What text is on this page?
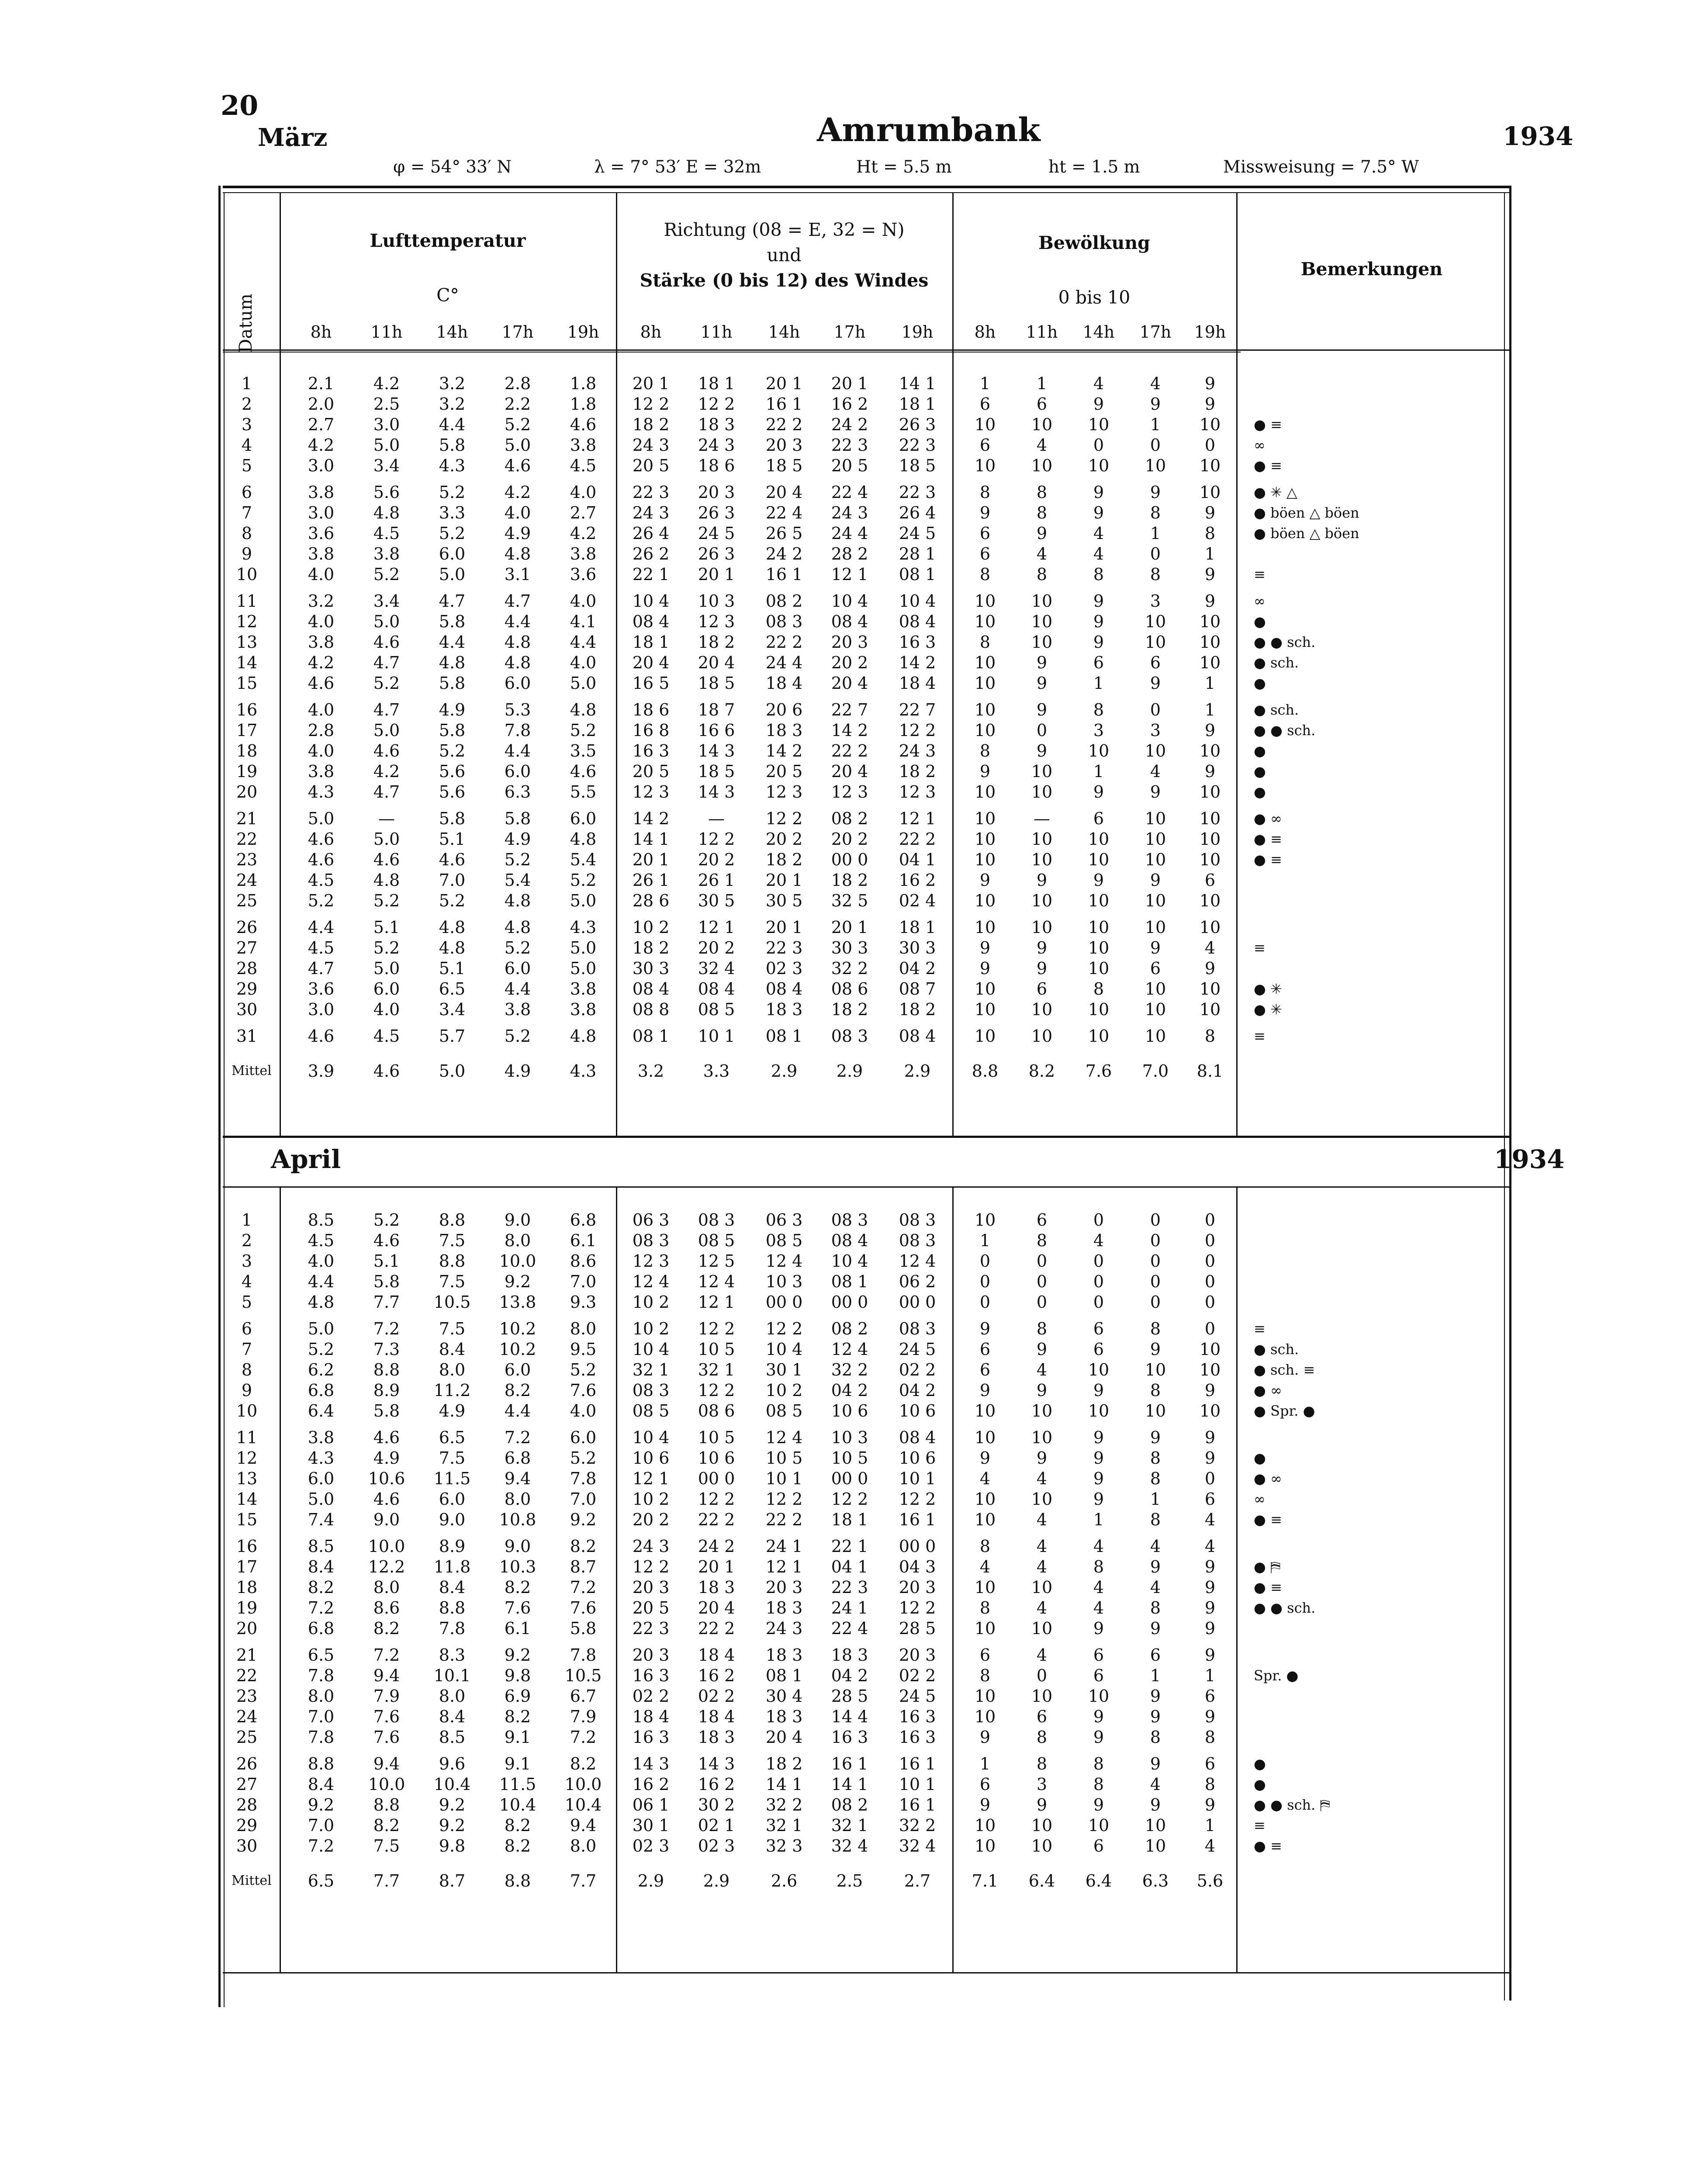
20
März	Amrumbank	1934
φ = 54° 33′ N	λ = 7° 53′ E = 32m	Ht = 5.5 m	ht = 1.5 m	Missweisung = 7.5° W
Datum
Lufttemperatur
C°
Richtung (08 = E, 32 = N)
und
Stärke (0 bis 12) des Windes
Bewölkung
0 bis 10
Bemerkungen
8h	11h	14h	17h	19h	8h	11h	14h	17h	19h	8h	11h	14h	17h	19h
April	1934
1	2.1	4.2	3.2	2.8	1.8	20 1	18 1	20 1	20 1	14 1	1	1	4	4	9
2	2.0	2.5	3.2	2.2	1.8	12 2	12 2	16 1	16 2	18 1	6	6	9	9	9
3	2.7	3.0	4.4	5.2	4.6	18 2	18 3	22 2	24 2	26 3	10	10	10	1	10	● ≡
4	4.2	5.0	5.8	5.0	3.8	24 3	24 3	20 3	22 3	22 3	6	4	0	0	0	∞
5	3.0	3.4	4.3	4.6	4.5	20 5	18 6	18 5	20 5	18 5	10	10	10	10	10	● ≡
6	3.8	5.6	5.2	4.2	4.0	22 3	20 3	20 4	22 4	22 3	8	8	9	9	10	● ✳ △
7	3.0	4.8	3.3	4.0	2.7	24 3	26 3	22 4	24 3	26 4	9	8	9	8	9	● böen △ böen
8	3.6	4.5	5.2	4.9	4.2	26 4	24 5	26 5	24 4	24 5	6	9	4	1	8	● böen △ böen
9	3.8	3.8	6.0	4.8	3.8	26 2	26 3	24 2	28 2	28 1	6	4	4	0	1
10	4.0	5.2	5.0	3.1	3.6	22 1	20 1	16 1	12 1	08 1	8	8	8	8	9	≡
11	3.2	3.4	4.7	4.7	4.0	10 4	10 3	08 2	10 4	10 4	10	10	9	3	9	∞
12	4.0	5.0	5.8	4.4	4.1	08 4	12 3	08 3	08 4	08 4	10	10	9	10	10	●
13	3.8	4.6	4.4	4.8	4.4	18 1	18 2	22 2	20 3	16 3	8	10	9	10	10	● ● sch.
14	4.2	4.7	4.8	4.8	4.0	20 4	20 4	24 4	20 2	14 2	10	9	6	6	10	● sch.
15	4.6	5.2	5.8	6.0	5.0	16 5	18 5	18 4	20 4	18 4	10	9	1	9	1	●
16	4.0	4.7	4.9	5.3	4.8	18 6	18 7	20 6	22 7	22 7	10	9	8	0	1	● sch.
17	2.8	5.0	5.8	7.8	5.2	16 8	16 6	18 3	14 2	12 2	10	0	3	3	9	● ● sch.
18	4.0	4.6	5.2	4.4	3.5	16 3	14 3	14 2	22 2	24 3	8	9	10	10	10	●
19	3.8	4.2	5.6	6.0	4.6	20 5	18 5	20 5	20 4	18 2	9	10	1	4	9	●
20	4.3	4.7	5.6	6.3	5.5	12 3	14 3	12 3	12 3	12 3	10	10	9	9	10	●
21	5.0	—	5.8	5.8	6.0	14 2	—	12 2	08 2	12 1	10	—	6	10	10	● ∞
22	4.6	5.0	5.1	4.9	4.8	14 1	12 2	20 2	20 2	22 2	10	10	10	10	10	● ≡
23	4.6	4.6	4.6	5.2	5.4	20 1	20 2	18 2	00 0	04 1	10	10	10	10	10	● ≡
24	4.5	4.8	7.0	5.4	5.2	26 1	26 1	20 1	18 2	16 2	9	9	9	9	6
25	5.2	5.2	5.2	4.8	5.0	28 6	30 5	30 5	32 5	02 4	10	10	10	10	10
26	4.4	5.1	4.8	4.8	4.3	10 2	12 1	20 1	20 1	18 1	10	10	10	10	10
27	4.5	5.2	4.8	5.2	5.0	18 2	20 2	22 3	30 3	30 3	9	9	10	9	4	≡
28	4.7	5.0	5.1	6.0	5.0	30 3	32 4	02 3	32 2	04 2	9	9	10	6	9
29	3.6	6.0	6.5	4.4	3.8	08 4	08 4	08 4	08 6	08 7	10	6	8	10	10	● ✳
30	3.0	4.0	3.4	3.8	3.8	08 8	08 5	18 3	18 2	18 2	10	10	10	10	10	● ✳
31	4.6	4.5	5.7	5.2	4.8	08 1	10 1	08 1	08 3	08 4	10	10	10	10	8	≡
Mittel	3.9	4.6	5.0	4.9	4.3	3.2	3.3	2.9	2.9	2.9	8.8	8.2	7.6	7.0	8.1
1	8.5	5.2	8.8	9.0	6.8	06 3	08 3	06 3	08 3	08 3	10	6	0	0	0
2	4.5	4.6	7.5	8.0	6.1	08 3	08 5	08 5	08 4	08 3	1	8	4	0	0
3	4.0	5.1	8.8	10.0	8.6	12 3	12 5	12 4	10 4	12 4	0	0	0	0	0
4	4.4	5.8	7.5	9.2	7.0	12 4	12 4	10 3	08 1	06 2	0	0	0	0	0
5	4.8	7.7	10.5	13.8	9.3	10 2	12 1	00 0	00 0	00 0	0	0	0	0	0
6	5.0	7.2	7.5	10.2	8.0	10 2	12 2	12 2	08 2	08 3	9	8	6	8	0	≡
7	5.2	7.3	8.4	10.2	9.5	10 4	10 5	10 4	12 4	24 5	6	9	6	9	10	● sch.
8	6.2	8.8	8.0	6.0	5.2	32 1	32 1	30 1	32 2	02 2	6	4	10	10	10	● sch. ≡
9	6.8	8.9	11.2	8.2	7.6	08 3	12 2	10 2	04 2	04 2	9	9	9	8	9	● ∞
10	6.4	5.8	4.9	4.4	4.0	08 5	08 6	08 5	10 6	10 6	10	10	10	10	10	● Spr. ●
11	3.8	4.6	6.5	7.2	6.0	10 4	10 5	12 4	10 3	08 4	10	10	9	9	9
12	4.3	4.9	7.5	6.8	5.2	10 6	10 6	10 5	10 5	10 6	9	9	9	8	9	●
13	6.0	10.6	11.5	9.4	7.8	12 1	00 0	10 1	00 0	10 1	4	4	9	8	0	● ∞
14	5.0	4.6	6.0	8.0	7.0	10 2	12 2	12 2	12 2	12 2	10	10	9	1	6	∞
15	7.4	9.0	9.0	10.8	9.2	20 2	22 2	22 2	18 1	16 1	10	4	1	8	4	● ≡
16	8.5	10.0	8.9	9.0	8.2	24 3	24 2	24 1	22 1	00 0	8	4	4	4	4
17	8.4	12.2	11.8	10.3	8.7	12 2	20 1	12 1	04 1	04 3	4	4	8	9	9	● ⛿
18	8.2	8.0	8.4	8.2	7.2	20 3	18 3	20 3	22 3	20 3	10	10	4	4	9	● ≡
19	7.2	8.6	8.8	7.6	7.6	20 5	20 4	18 3	24 1	12 2	8	4	4	8	9	● ● sch.
20	6.8	8.2	7.8	6.1	5.8	22 3	22 2	24 3	22 4	28 5	10	10	9	9	9
21	6.5	7.2	8.3	9.2	7.8	20 3	18 4	18 3	18 3	20 3	6	4	6	6	9
22	7.8	9.4	10.1	9.8	10.5	16 3	16 2	08 1	04 2	02 2	8	0	6	1	1	Spr. ●
23	8.0	7.9	8.0	6.9	6.7	02 2	02 2	30 4	28 5	24 5	10	10	10	9	6
24	7.0	7.6	8.4	8.2	7.9	18 4	18 4	18 3	14 4	16 3	10	6	9	9	9
25	7.8	7.6	8.5	9.1	7.2	16 3	18 3	20 4	16 3	16 3	9	8	9	8	8
26	8.8	9.4	9.6	9.1	8.2	14 3	14 3	18 2	16 1	16 1	1	8	8	9	6	●
27	8.4	10.0	10.4	11.5	10.0	16 2	16 2	14 1	14 1	10 1	6	3	8	4	8	●
28	9.2	8.8	9.2	10.4	10.4	06 1	30 2	32 2	08 2	16 1	9	9	9	9	9	● ● sch. ⛿
29	7.0	8.2	9.2	8.2	9.4	30 1	02 1	32 1	32 1	32 2	10	10	10	10	1	≡
30	7.2	7.5	9.8	8.2	8.0	02 3	02 3	32 3	32 4	32 4	10	10	6	10	4	● ≡
Mittel	6.5	7.7	8.7	8.8	7.7	2.9	2.9	2.6	2.5	2.7	7.1	6.4	6.4	6.3	5.6
